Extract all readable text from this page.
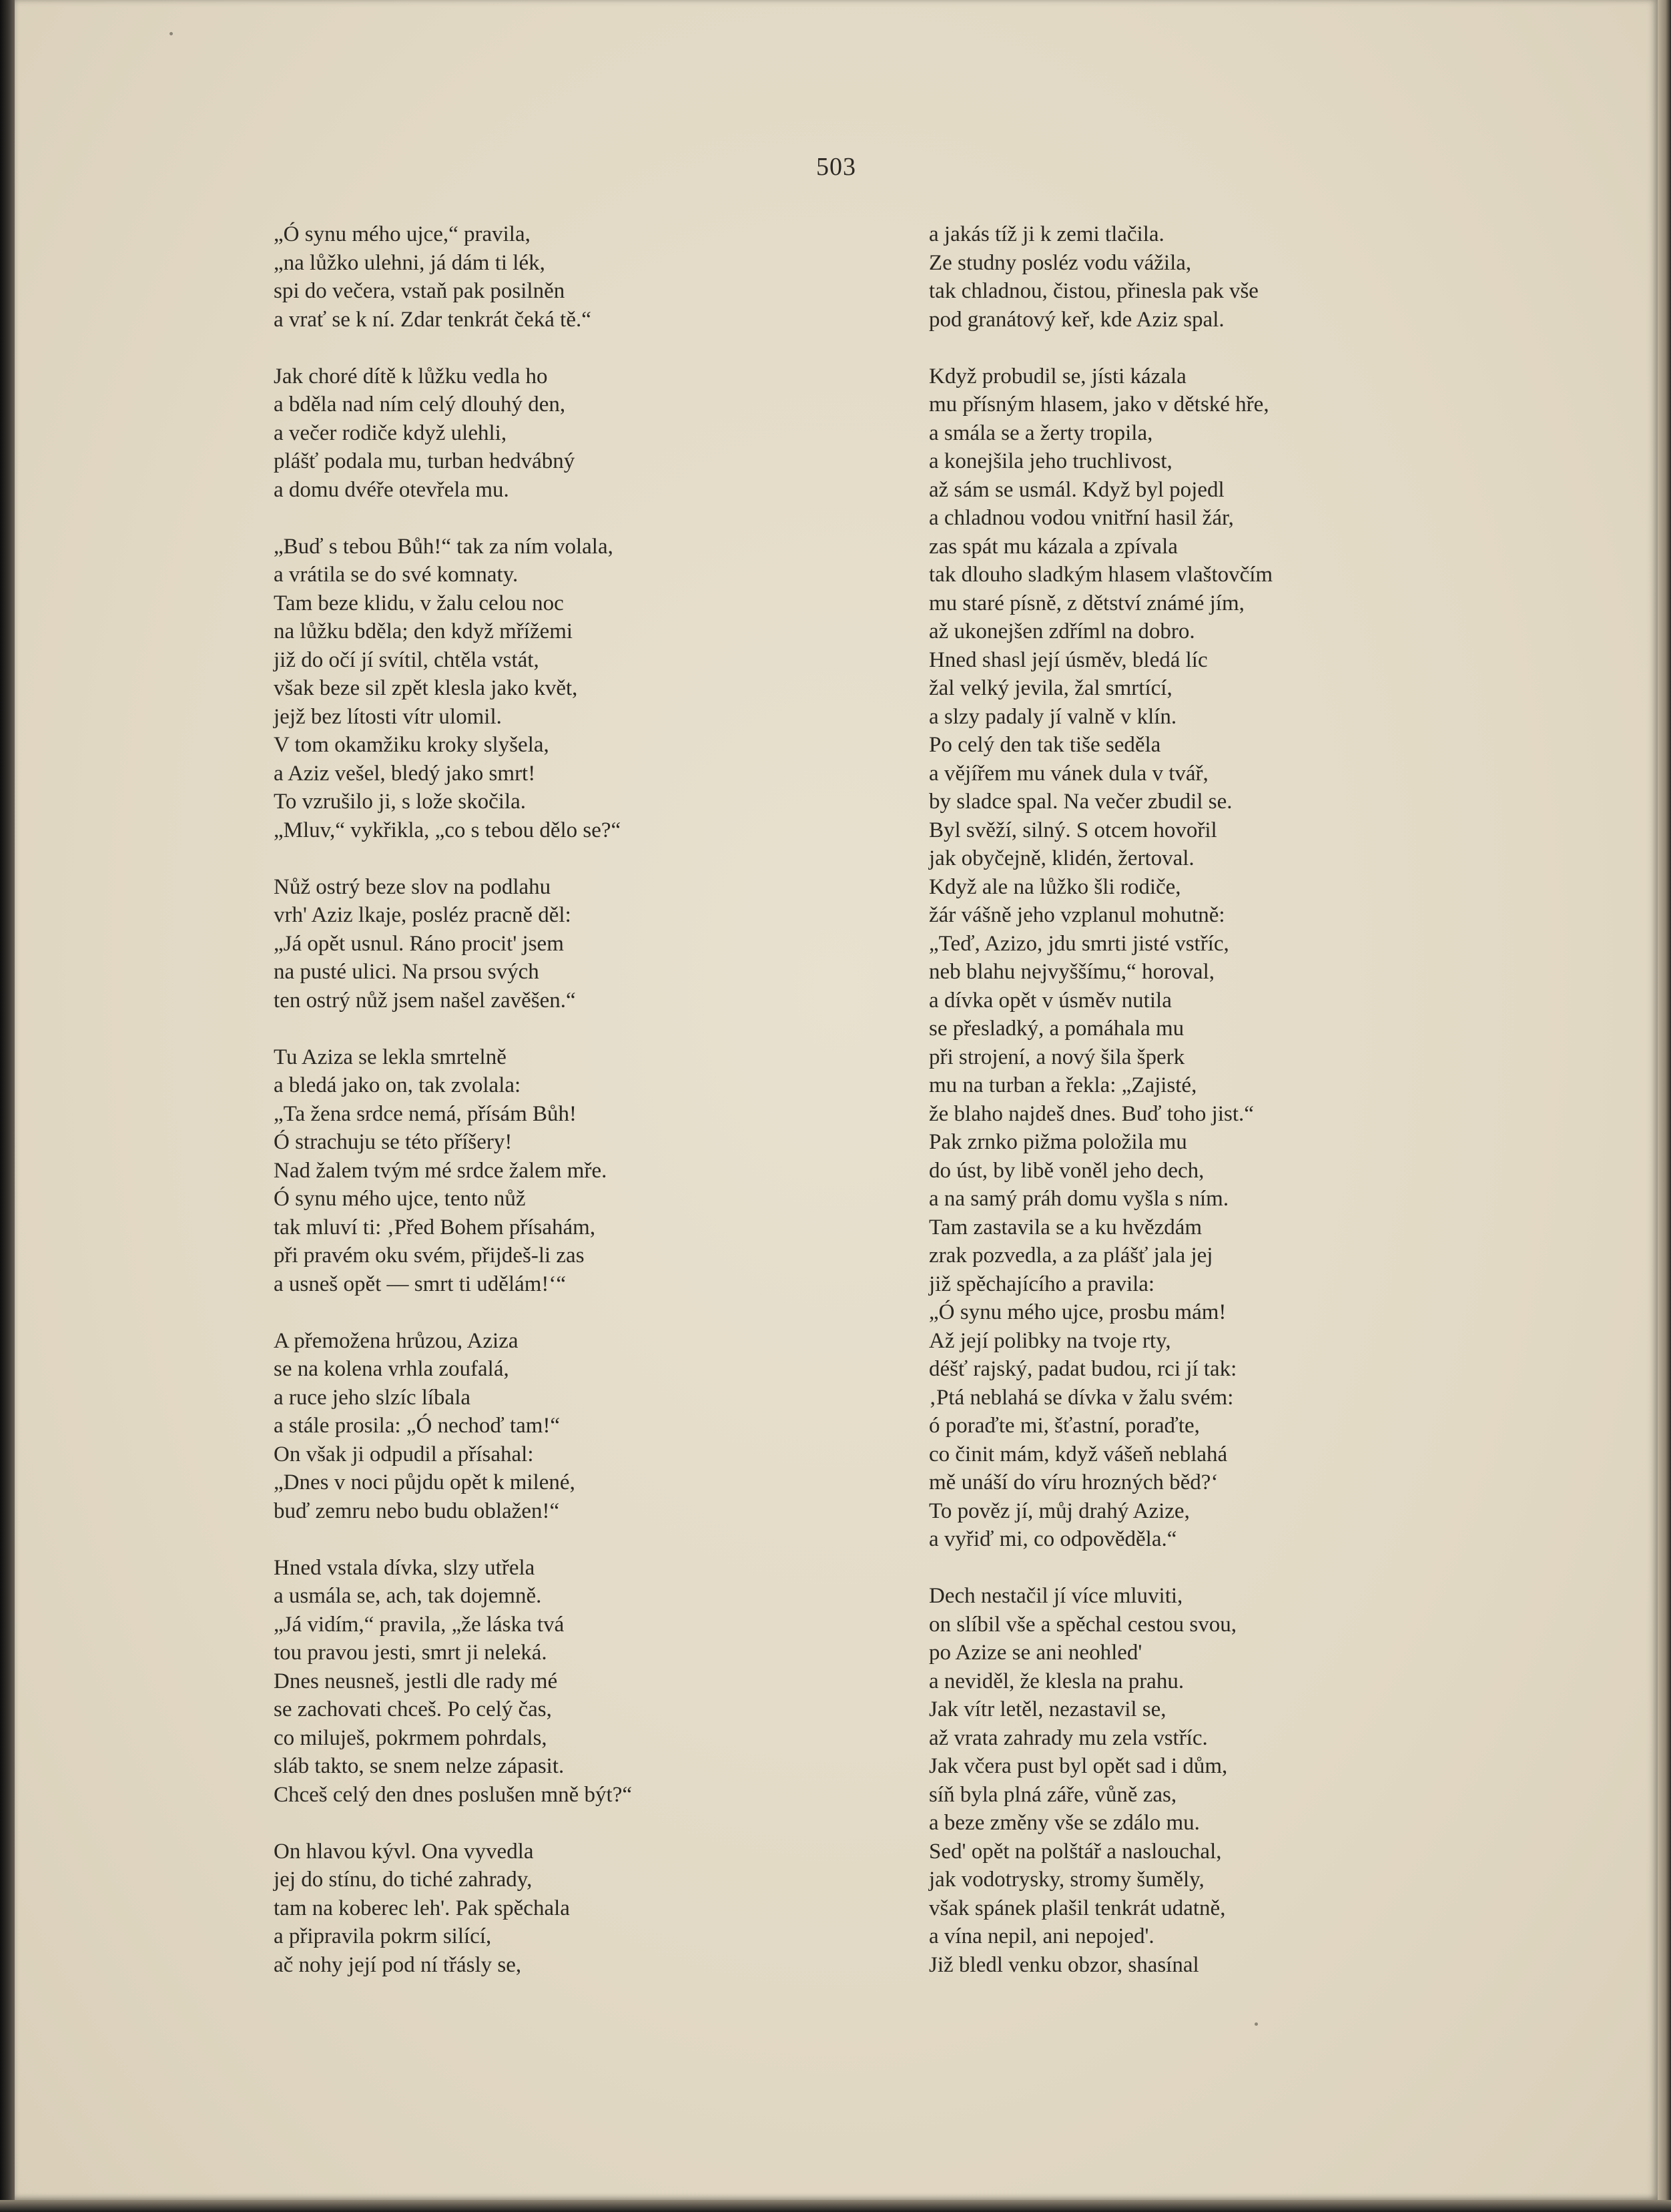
503
„Ó synu mého ujce,“ pravila,
„na lůžko ulehni, já dám ti lék,
spi do večera, vstaň pak posilněn
a vrať se k ní. Zdar tenkrát čeká tě.“
Jak choré dítě k lůžku vedla ho
a bděla nad ním celý dlouhý den,
a večer rodiče když ulehli,
plášť podala mu, turban hedvábný
a domu dvéře otevřela mu.
„Buď s tebou Bůh!“ tak za ním volala,
a vrátila se do své komnaty.
Tam beze klidu, v žalu celou noc
na lůžku bděla; den když mřížemi
již do očí jí svítil, chtěla vstát,
však beze sil zpět klesla jako květ,
jejž bez lítosti vítr ulomil.
V tom okamžiku kroky slyšela,
a Aziz vešel, bledý jako smrt!
To vzrušilo ji, s lože skočila.
„Mluv,“ vykřikla, „co s tebou dělo se?“
Nůž ostrý beze slov na podlahu
vrh' Aziz lkaje, posléz pracně děl:
„Já opět usnul. Ráno procit' jsem
na pusté ulici. Na prsou svých
ten ostrý nůž jsem našel zavěšen.“
Tu Aziza se lekla smrtelně
a bledá jako on, tak zvolala:
„Ta žena srdce nemá, přísám Bůh!
Ó strachuju se této příšery!
Nad žalem tvým mé srdce žalem mře.
Ó synu mého ujce, tento nůž
tak mluví ti: ‚Před Bohem přísahám,
při pravém oku svém, přijdeš-li zas
a usneš opět — smrt ti udělám!‘“
A přemožena hrůzou, Aziza
se na kolena vrhla zoufalá,
a ruce jeho slzíc líbala
a stále prosila: „Ó nechoď tam!“
On však ji odpudil a přísahal:
„Dnes v noci půjdu opět k milené,
buď zemru nebo budu oblažen!“
Hned vstala dívka, slzy utřela
a usmála se, ach, tak dojemně.
„Já vidím,“ pravila, „že láska tvá
tou pravou jesti, smrt ji neleká.
Dnes neusneš, jestli dle rady mé
se zachovati chceš. Po celý čas,
co miluješ, pokrmem pohrdals,
sláb takto, se snem nelze zápasit.
Chceš celý den dnes poslušen mně být?“
On hlavou kývl. Ona vyvedla
jej do stínu, do tiché zahrady,
tam na koberec leh'. Pak spěchala
a připravila pokrm silící,
ač nohy její pod ní třásly se,
a jakás tíž ji k zemi tlačila.
Ze studny posléz vodu vážila,
tak chladnou, čistou, přinesla pak vše
pod granátový keř, kde Aziz spal.
Když probudil se, jísti kázala
mu přísným hlasem, jako v dětské hře,
a smála se a žerty tropila,
a konejšila jeho truchlivost,
až sám se usmál. Když byl pojedl
a chladnou vodou vnitřní hasil žár,
zas spát mu kázala a zpívala
tak dlouho sladkým hlasem vlaštovčím
mu staré písně, z dětství známé jím,
až ukonejšen zdříml na dobro.
Hned shasl její úsměv, bledá líc
žal velký jevila, žal smrtící,
a slzy padaly jí valně v klín.
Po celý den tak tiše seděla
a vějířem mu vánek dula v tvář,
by sladce spal. Na večer zbudil se.
Byl svěží, silný. S otcem hovořil
jak obyčejně, klidén, žertoval.
Když ale na lůžko šli rodiče,
žár vášně jeho vzplanul mohutně:
„Teď, Azizo, jdu smrti jisté vstříc,
neb blahu nejvyššímu,“ horoval,
a dívka opět v úsměv nutila
se přesladký, a pomáhala mu
při strojení, a nový šila šperk
mu na turban a řekla: „Zajisté,
že blaho najdeš dnes. Buď toho jist.“
Pak zrnko pižma položila mu
do úst, by libě voněl jeho dech,
a na samý práh domu vyšla s ním.
Tam zastavila se a ku hvězdám
zrak pozvedla, a za plášť jala jej
již spěchajícího a pravila:
„Ó synu mého ujce, prosbu mám!
Až její polibky na tvoje rty,
déšť rajský, padat budou, rci jí tak:
‚Ptá neblahá se dívka v žalu svém:
ó poraďte mi, šťastní, poraďte,
co činit mám, když vášeň neblahá
mě unáší do víru hrozných běd?‘
To pověz jí, můj drahý Azize,
a vyřiď mi, co odpověděla.“
Dech nestačil jí více mluviti,
on slíbil vše a spěchal cestou svou,
po Azize se ani neohled'
a neviděl, že klesla na prahu.
Jak vítr letěl, nezastavil se,
až vrata zahrady mu zela vstříc.
Jak včera pust byl opět sad i dům,
síň byla plná záře, vůně zas,
a beze změny vše se zdálo mu.
Sed' opět na polštář a naslouchal,
jak vodotrysky, stromy šuměly,
však spánek plašil tenkrát udatně,
a vína nepil, ani nepojed'.
Již bledl venku obzor, shasínal
